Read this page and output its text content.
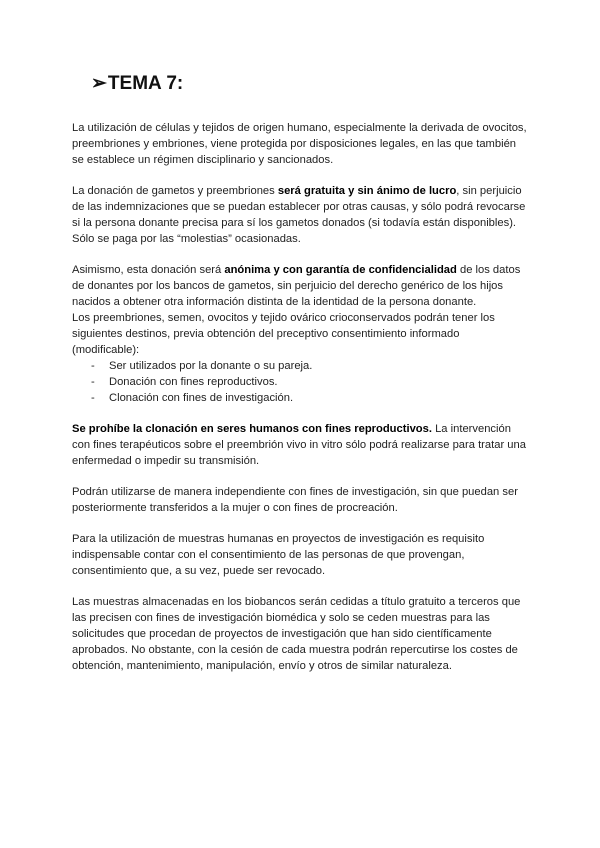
➢TEMA 7:

La utilización de células y tejidos de origen humano, especialmente la derivada de ovocitos, preembriones y embriones, viene protegida por disposiciones legales, en las que también se establece un régimen disciplinario y sancionados.

La donación de gametos y preembriones será gratuita y sin ánimo de lucro, sin perjuicio de las indemnizaciones que se puedan establecer por otras causas, y sólo podrá revocarse si la persona donante precisa para sí los gametos donados (si todavía están disponibles). Sólo se paga por las “molestias” ocasionadas.

Asimismo, esta donación será anónima y con garantía de confidencialidad de los datos de donantes por los bancos de gametos, sin perjuicio del derecho genérico de los hijos nacidos a obtener otra información distinta de la identidad de la persona donante.

Los preembriones, semen, ovocitos y tejido ovárico crioconservados podrán tener los siguientes destinos, previa obtención del preceptivo consentimiento informado (modificable):

- Ser utilizados por la donante o su pareja.
- Donación con fines reproductivos.
- Clonación con fines de investigación.

Se prohíbe la clonación en seres humanos con fines reproductivos. La intervención con fines terapéuticos sobre el preembrión vivo in vitro sólo podrá realizarse para tratar una enfermedad o impedir su transmisión.

Podrán utilizarse de manera independiente con fines de investigación, sin que puedan ser posteriormente transferidos a la mujer o con fines de procreación.

Para la utilización de muestras humanas en proyectos de investigación es requisito indispensable contar con el consentimiento de las personas de que provengan, consentimiento que, a su vez, puede ser revocado.

Las muestras almacenadas en los biobancos serán cedidas a título gratuito a terceros que las precisen con fines de investigación biomédica y solo se ceden muestras para las solicitudes que procedan de proyectos de investigación que han sido científicamente aprobados. No obstante, con la cesión de cada muestra podrán repercutirse los costes de obtención, mantenimiento, manipulación, envío y otros de similar naturaleza.
